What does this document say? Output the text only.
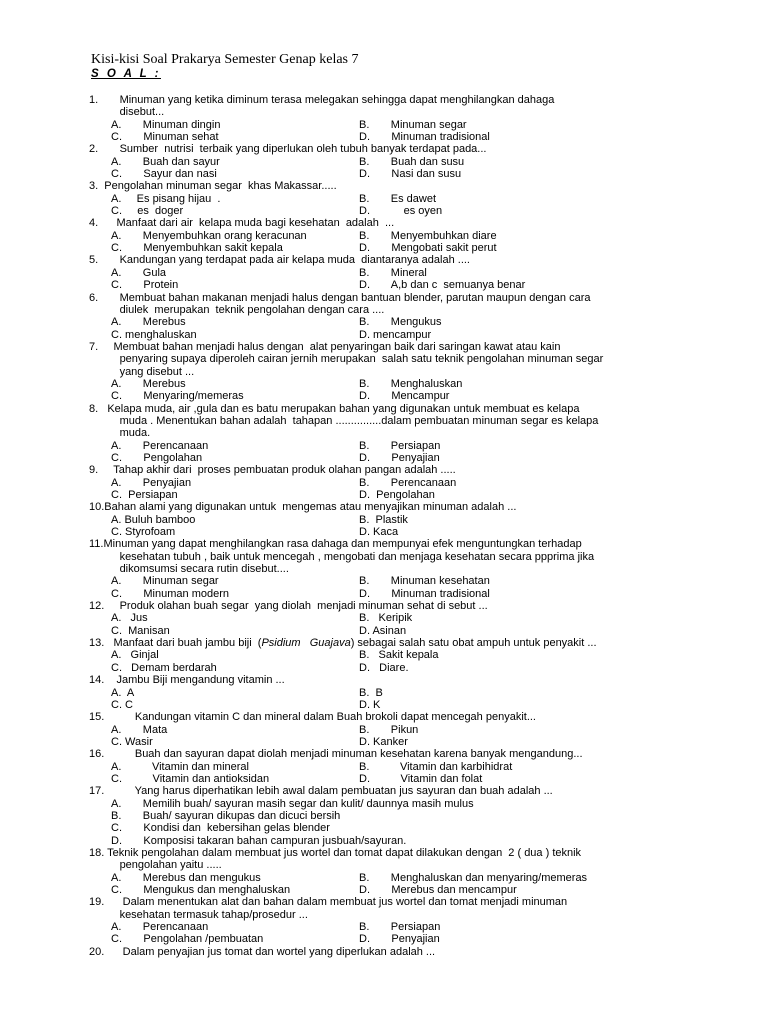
Kisi-kisi Soal Prakarya Semester Genap kelas 7
S O A L :
1.       Minuman yang ketika diminum terasa melegakan sehingga dapat menghilangkan dahaga
disebut...
A.       Minuman dingin	B.       Minuman segar
C.       Minuman sehat	D.       Minuman tradisional
2.       Sumber  nutrisi  terbaik yang diperlukan oleh tubuh banyak terdapat pada...
A.       Buah dan sayur	B.       Buah dan susu
C.       Sayur dan nasi	D.       Nasi dan susu
3.  Pengolahan minuman segar  khas Makassar.....
A.     Es pisang hijau  .	B.       Es dawet
C.     es  doger	D.           es oyen
4.      Manfaat dari air  kelapa muda bagi kesehatan  adalah  ...
A.       Menyembuhkan orang keracunan	B.       Menyembuhkan diare
C.       Menyembuhkan sakit kepala	D.       Mengobati sakit perut
5.       Kandungan yang terdapat pada air kelapa muda  diantaranya adalah ....
A.       Gula	B.       Mineral
C.       Protein	D.       A,b dan c  semuanya benar
6.       Membuat bahan makanan menjadi halus dengan bantuan blender, parutan maupun dengan cara
diulek  merupakan  teknik pengolahan dengan cara ....
A.       Merebus	B.       Mengukus
C. menghaluskan	D. mencampur
7.     Membuat bahan menjadi halus dengan  alat penyaringan baik dari saringan kawat atau kain
penyaring supaya diperoleh cairan jernih merupakan  salah satu teknik pengolahan minuman segar
yang disebut ...
A.       Merebus	B.       Menghaluskan
C.       Menyaring/memeras	D.       Mencampur
8.   Kelapa muda, air ,gula dan es batu merupakan bahan yang digunakan untuk membuat es kelapa
muda . Menentukan bahan adalah  tahapan ...............dalam pembuatan minuman segar es kelapa
muda.
A.       Perencanaan	B.       Persiapan
C.       Pengolahan	D.       Penyajian
9.     Tahap akhir dari  proses pembuatan produk olahan pangan adalah .....
A.       Penyajian	B.       Perencanaan
C.  Persiapan	D.  Pengolahan
10.Bahan alami yang digunakan untuk  mengemas atau menyajikan minuman adalah ...
A. Buluh bamboo	B.  Plastik
C. Styrofoam	D. Kaca
11.Minuman yang dapat menghilangkan rasa dahaga dan mempunyai efek menguntungkan terhadap
kesehatan tubuh , baik untuk mencegah , mengobati dan menjaga kesehatan secara ppprima jika
dikomsumsi secara rutin disebut....
A.       Minuman segar	B.       Minuman kesehatan
C.       Minuman modern	D.       Minuman tradisional
12.     Produk olahan buah segar  yang diolah  menjadi minuman sehat di sebut ...
A.   Jus	B.   Keripik
C.  Manisan	D. Asinan
13.   Manfaat dari buah jambu biji  (Psidium   Guajava) sebagai salah satu obat ampuh untuk penyakit ...
A.   Ginjal	B.   Sakit kepala
C.   Demam berdarah	D.   Diare.
14.    Jambu Biji mengandung vitamin ...
A.  A	B.  B
C. C	D. K
15.          Kandungan vitamin C dan mineral dalam Buah brokoli dapat mencegah penyakit...
A.       Mata	B.       Pikun
C. Wasir	D. Kanker
16.          Buah dan sayuran dapat diolah menjadi minuman kesehatan karena banyak mengandung...
A.          Vitamin dan mineral	B.          Vitamin dan karbihidrat
C.          Vitamin dan antioksidan	D.          Vitamin dan folat
17.          Yang harus diperhatikan lebih awal dalam pembuatan jus sayuran dan buah adalah ...
A.       Memilih buah/ sayuran masih segar dan kulit/ daunnya masih mulus
B.       Buah/ sayuran dikupas dan dicuci bersih
C.       Kondisi dan  kebersihan gelas blender
D.       Komposisi takaran bahan campuran jusbuah/sayuran.
18. Teknik pengolahan dalam membuat jus wortel dan tomat dapat dilakukan dengan  2 ( dua ) teknik
pengolahan yaitu .....
A.       Merebus dan mengukus	B.       Menghaluskan dan menyaring/memeras
C.       Mengukus dan menghaluskan	D.       Merebus dan mencampur
19.      Dalam menentukan alat dan bahan dalam membuat jus wortel dan tomat menjadi minuman
kesehatan termasuk tahap/prosedur ...
A.       Perencanaan	B.       Persiapan
C.       Pengolahan /pembuatan	D.       Penyajian
20.      Dalam penyajian jus tomat dan wortel yang diperlukan adalah ...
